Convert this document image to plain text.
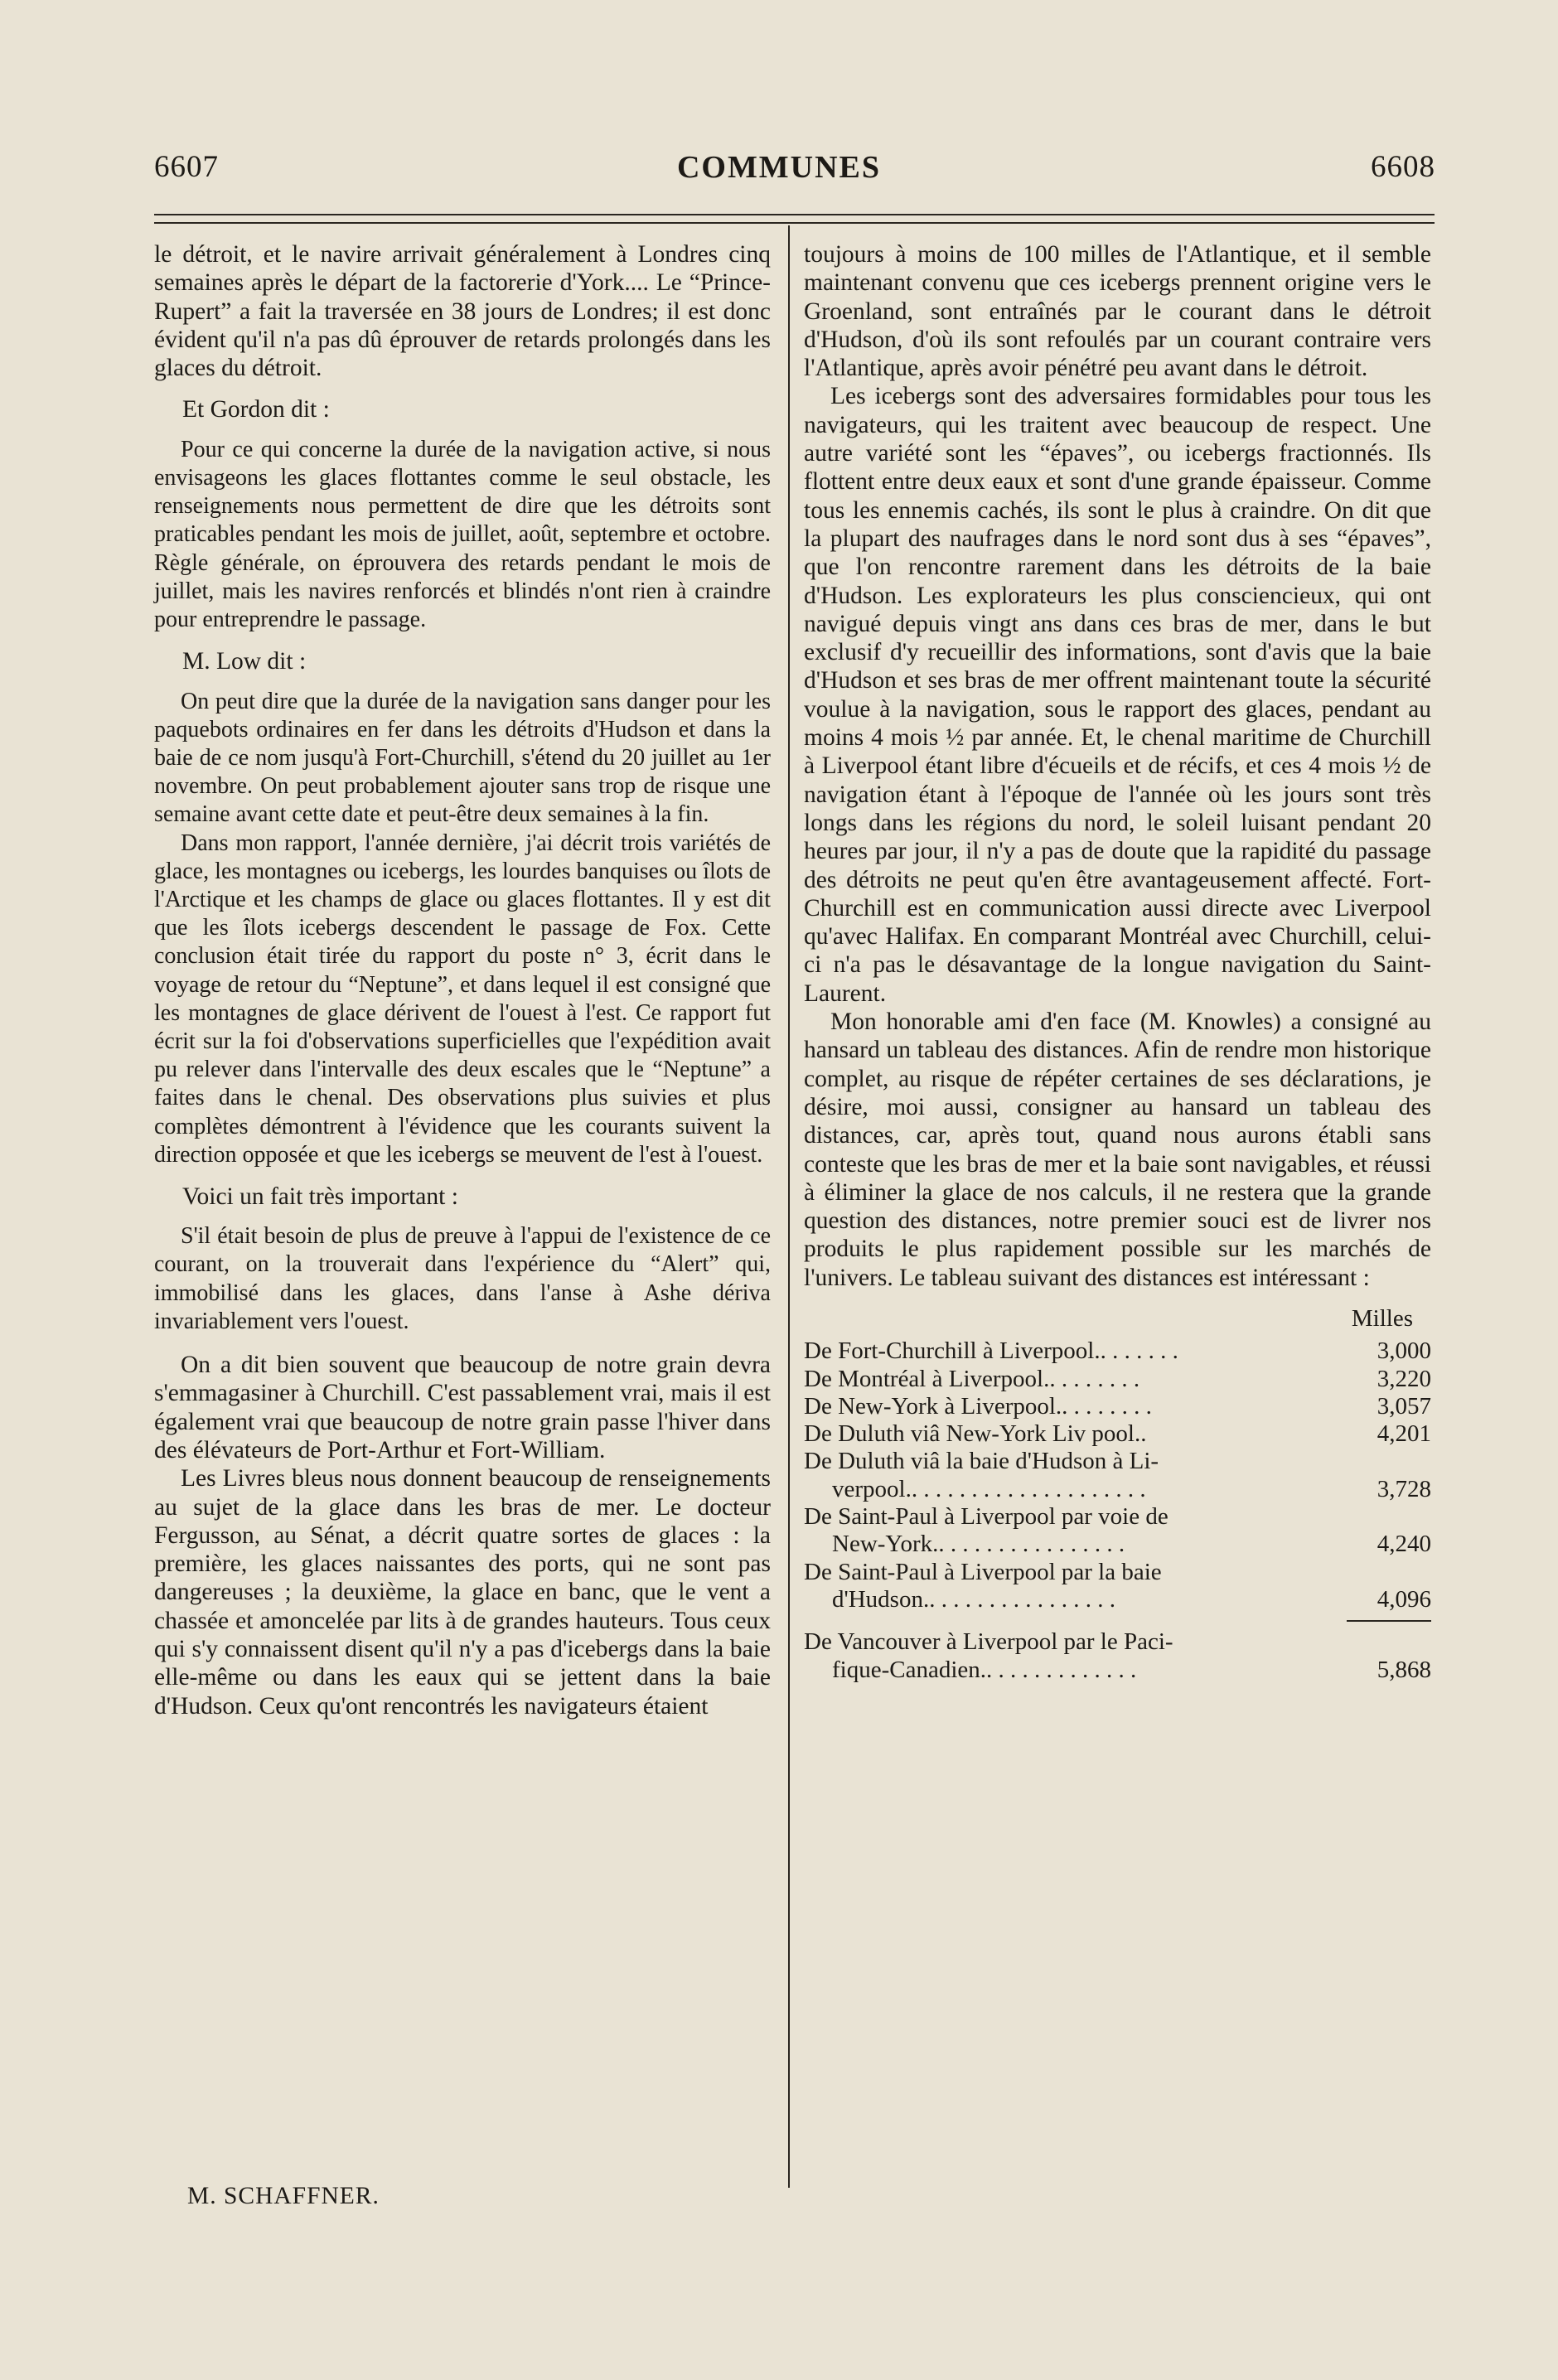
6607	COMMUNES	6608

le détroit, et le navire arrivait généralement à Londres cinq semaines après le départ de la factorerie d'York.... Le “Prince-Rupert” a fait la traversée en 38 jours de Londres; il est donc évident qu'il n'a pas dû éprouver de retards prolongés dans les glaces du détroit.

Et Gordon dit :

Pour ce qui concerne la durée de la navigation active, si nous envisageons les glaces flottantes comme le seul obstacle, les renseignements nous permettent de dire que les détroits sont praticables pendant les mois de juillet, août, septembre et octobre. Règle générale, on éprouvera des retards pendant le mois de juillet, mais les navires renforcés et blindés n'ont rien à craindre pour entreprendre le passage.

M. Low dit :

On peut dire que la durée de la navigation sans danger pour les paquebots ordinaires en fer dans les détroits d'Hudson et dans la baie de ce nom jusqu'à Fort-Churchill, s'étend du 20 juillet au 1er novembre. On peut probablement ajouter sans trop de risque une semaine avant cette date et peut-être deux semaines à la fin.

Dans mon rapport, l'année dernière, j'ai décrit trois variétés de glace, les montagnes ou icebergs, les lourdes banquises ou îlots de l'Arctique et les champs de glace ou glaces flottantes. Il y est dit que les îlots icebergs descendent le passage de Fox. Cette conclusion était tirée du rapport du poste n° 3, écrit dans le voyage de retour du “Neptune”, et dans lequel il est consigné que les montagnes de glace dérivent de l'ouest à l'est. Ce rapport fut écrit sur la foi d'observations superficielles que l'expédition avait pu relever dans l'intervalle des deux escales que le “Neptune” a faites dans le chenal. Des observations plus suivies et plus complètes démontrent à l'évidence que les courants suivent la direction opposée et que les icebergs se meuvent de l'est à l'ouest.

Voici un fait très important :

S'il était besoin de plus de preuve à l'appui de l'existence de ce courant, on la trouverait dans l'expérience du “Alert” qui, immobilisé dans les glaces, dans l'anse à Ashe dériva invariablement vers l'ouest.

On a dit bien souvent que beaucoup de notre grain devra s'emmagasiner à Churchill. C'est passablement vrai, mais il est également vrai que beaucoup de notre grain passe l'hiver dans des élévateurs de Port-Arthur et Fort-William.

Les Livres bleus nous donnent beaucoup de renseignements au sujet de la glace dans les bras de mer. Le docteur Fergusson, au Sénat, a décrit quatre sortes de glaces : la première, les glaces naissantes des ports, qui ne sont pas dangereuses ; la deuxième, la glace en banc, que le vent a chassée et amoncelée par lits à de grandes hauteurs. Tous ceux qui s'y connaissent disent qu'il n'y a pas d'icebergs dans la baie elle-même ou dans les eaux qui se jettent dans la baie d'Hudson. Ceux qu'ont rencontrés les navigateurs étaient

M. SCHAFFNER.

toujours à moins de 100 milles de l'Atlantique, et il semble maintenant convenu que ces icebergs prennent origine vers le Groenland, sont entraînés par le courant dans le détroit d'Hudson, d'où ils sont refoulés par un courant contraire vers l'Atlantique, après avoir pénétré peu avant dans le détroit.

Les icebergs sont des adversaires formidables pour tous les navigateurs, qui les traitent avec beaucoup de respect. Une autre variété sont les “épaves”, ou icebergs fractionnés. Ils flottent entre deux eaux et sont d'une grande épaisseur. Comme tous les ennemis cachés, ils sont le plus à craindre. On dit que la plupart des naufrages dans le nord sont dus à ses “épaves”, que l'on rencontre rarement dans les détroits de la baie d'Hudson. Les explorateurs les plus consciencieux, qui ont navigué depuis vingt ans dans ces bras de mer, dans le but exclusif d'y recueillir des informations, sont d'avis que la baie d'Hudson et ses bras de mer offrent maintenant toute la sécurité voulue à la navigation, sous le rapport des glaces, pendant au moins 4 mois ½ par année. Et, le chenal maritime de Churchill à Liverpool étant libre d'écueils et de récifs, et ces 4 mois ½ de navigation étant à l'époque de l'année où les jours sont très longs dans les régions du nord, le soleil luisant pendant 20 heures par jour, il n'y a pas de doute que la rapidité du passage des détroits ne peut qu'en être avantageusement affecté. Fort-Churchill est en communication aussi directe avec Liverpool qu'avec Halifax. En comparant Montréal avec Churchill, celui-ci n'a pas le désavantage de la longue navigation du Saint-Laurent.

Mon honorable ami d'en face (M. Knowles) a consigné au hansard un tableau des distances. Afin de rendre mon historique complet, au risque de répéter certaines de ses déclarations, je désire, moi aussi, consigner au hansard un tableau des distances, car, après tout, quand nous aurons établi sans conteste que les bras de mer et la baie sont navigables, et réussi à éliminer la glace de nos calculs, il ne restera que la grande question des distances, notre premier souci est de livrer nos produits le plus rapidement possible sur les marchés de l'univers. Le tableau suivant des distances est intéressant :

Milles
De Fort-Churchill à Liverpool.. . . . . . .	3,000
De Montréal à Liverpool.. . . . . . . .	3,220
De New-York à Liverpool.. . . . . . . .	3,057
De Duluth viâ New-York Liv pool..	4,201
De Duluth viâ la baie d'Hudson à Li-
verpool.. . . . . . . . . . . . . . . . . . . .	3,728
De Saint-Paul à Liverpool par voie de
New-York.. . . . . . . . . . . . . . . .	4,240
De Saint-Paul à Liverpool par la baie
d'Hudson.. . . . . . . . . . . . . . . .	4,096
De Vancouver à Liverpool par le Paci-
fique-Canadien.. . . . . . . . . . . . .	5,868
